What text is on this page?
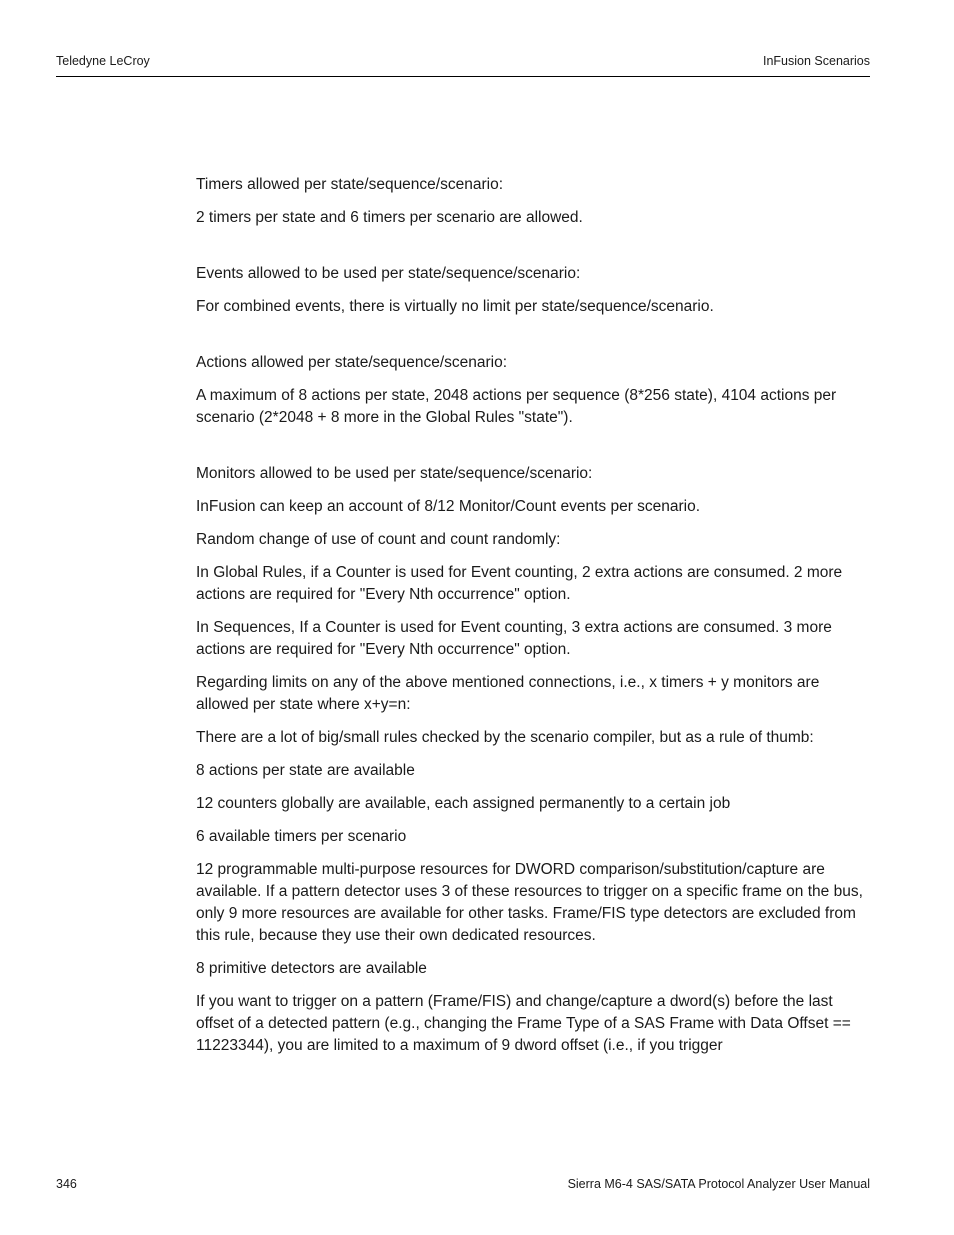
Teledyne LeCroy	InFusion Scenarios

Timers allowed per state/sequence/scenario:

2 timers per state and 6 timers per scenario are allowed.

Events allowed to be used per state/sequence/scenario:

For combined events, there is virtually no limit per state/sequence/scenario.

Actions allowed per state/sequence/scenario:

A maximum of 8 actions per state, 2048 actions per sequence (8*256 state), 4104 actions per scenario (2*2048 + 8 more in the Global Rules "state").

Monitors allowed to be used per state/sequence/scenario:

InFusion can keep an account of 8/12 Monitor/Count events per scenario.

Random change of use of count and count randomly:

In Global Rules, if a Counter is used for Event counting, 2 extra actions are consumed. 2 more actions are required for "Every Nth occurrence" option.

In Sequences, If a Counter is used for Event counting, 3 extra actions are consumed. 3 more actions are required for "Every Nth occurrence" option.

Regarding limits on any of the above mentioned connections, i.e., x timers + y monitors are allowed per state where x+y=n:

There are a lot of big/small rules checked by the scenario compiler, but as a rule of thumb:

8 actions per state are available

12 counters globally are available, each assigned permanently to a certain job

6 available timers per scenario

12 programmable multi-purpose resources for DWORD comparison/substitution/capture are available. If a pattern detector uses 3 of these resources to trigger on a specific frame on the bus, only 9 more resources are available for other tasks. Frame/FIS type detectors are excluded from this rule, because they use their own dedicated resources.

8 primitive detectors are available

If you want to trigger on a pattern (Frame/FIS) and change/capture a dword(s) before the last offset of a detected pattern (e.g., changing the Frame Type of a SAS Frame with Data Offset == 11223344), you are limited to a maximum of 9 dword offset (i.e., if you trigger

346	Sierra M6-4 SAS/SATA Protocol Analyzer User Manual
